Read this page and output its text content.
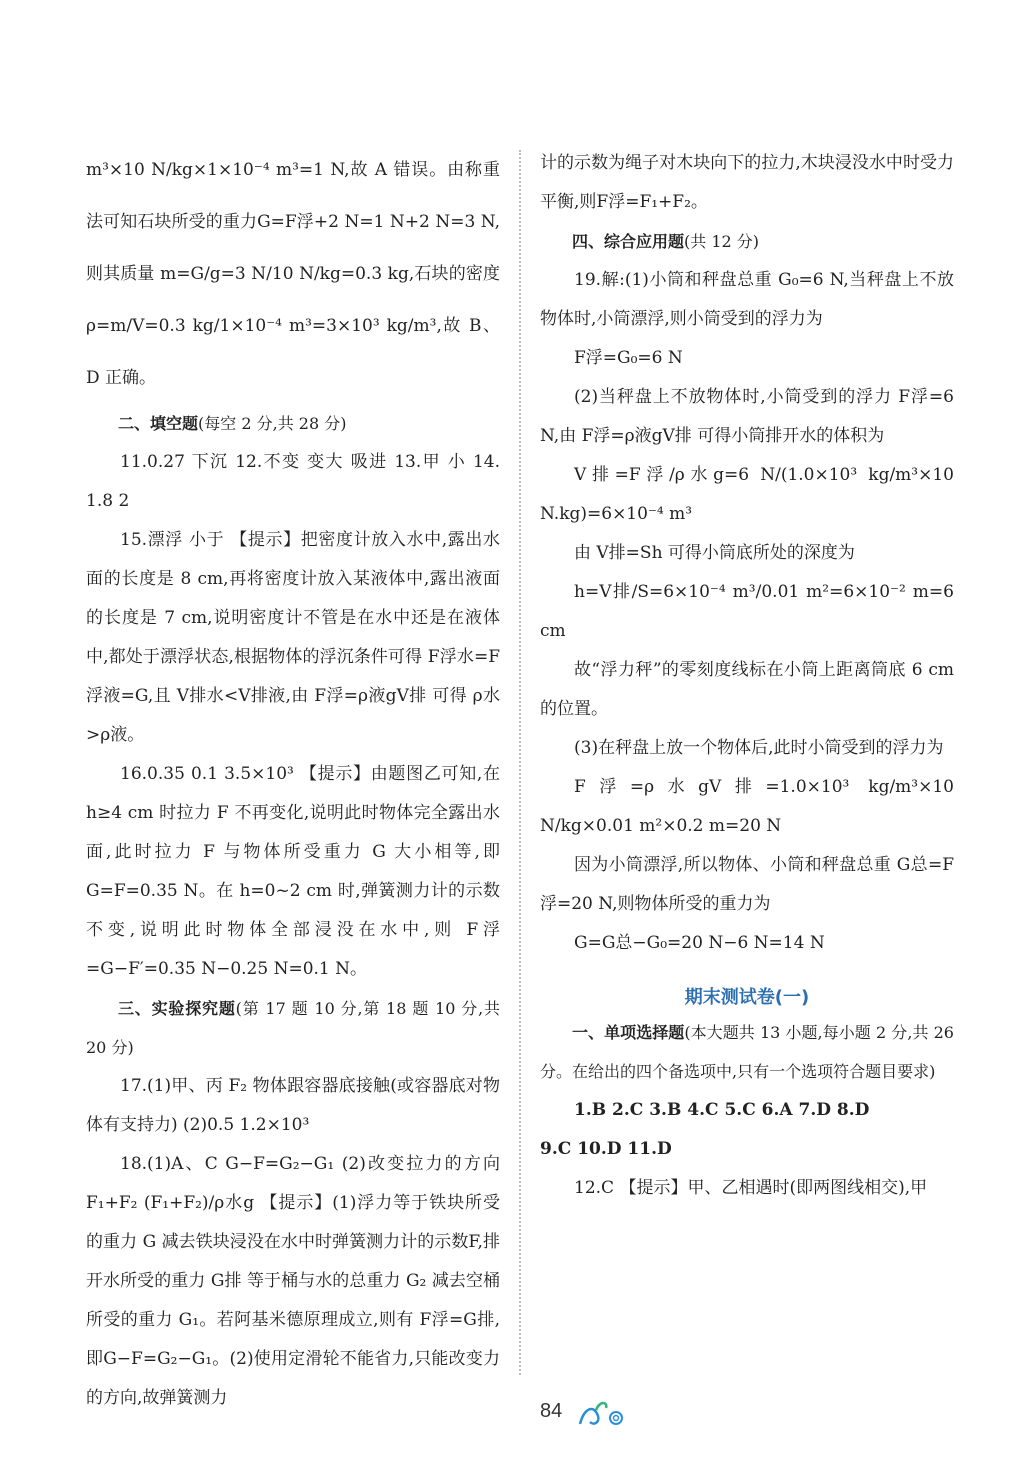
m³×10 N/kg×1×10⁻⁴ m³=1 N,故 A 错误。由称重法可知石块所受的重力G=F浮+2 N=1 N+2 N=3 N,则其质量 m=G/g=3 N/10 N/kg=0.3 kg,石块的密度 ρ=m/V=0.3 kg/1×10⁻⁴ m³=3×10³ kg/m³,故 B、D 正确。

二、填空题(每空 2 分,共 28 分)

11.0.27 下沉 12.不变 变大 吸进 13.甲 小 14. 1.8 2

15.漂浮 小于 【提示】把密度计放入水中,露出水面的长度是 8 cm,再将密度计放入某液体中,露出液面的长度是 7 cm,说明密度计不管是在水中还是在液体中,都处于漂浮状态,根据物体的浮沉条件可得 F浮水=F浮液=G,且 V排水<V排液,由 F浮=ρ液gV排 可得 ρ水>ρ液。

16.0.35 0.1 3.5×10³ 【提示】由题图乙可知,在 h≥4 cm 时拉力 F 不再变化,说明此时物体完全露出水面,此时拉力 F 与物体所受重力 G 大小相等,即 G=F=0.35 N。在 h=0~2 cm 时,弹簧测力计的示数不变,说明此时物体全部浸没在水中,则 F浮=G−F′=0.35 N−0.25 N=0.1 N。

三、实验探究题(第 17 题 10 分,第 18 题 10 分,共 20 分)

17.(1)甲、丙 F₂ 物体跟容器底接触(或容器底对物体有支持力) (2)0.5 1.2×10³

18.(1)A、C G−F=G₂−G₁ (2)改变拉力的方向 F₁+F₂ (F₁+F₂)/ρ水g 【提示】(1)浮力等于铁块所受的重力 G 减去铁块浸没在水中时弹簧测力计的示数F,排开水所受的重力 G排 等于桶与水的总重力 G₂ 减去空桶所受的重力 G₁。若阿基米德原理成立,则有 F浮=G排,即G−F=G₂−G₁。(2)使用定滑轮不能省力,只能改变力的方向,故弹簧测力

计的示数为绳子对木块向下的拉力,木块浸没水中时受力平衡,则F浮=F₁+F₂。

四、综合应用题(共 12 分)

19.解:(1)小筒和秤盘总重 G₀=6 N,当秤盘上不放物体时,小筒漂浮,则小筒受到的浮力为

F浮=G₀=6 N

(2)当秤盘上不放物体时,小筒受到的浮力 F浮=6 N,由 F浮=ρ液gV排 可得小筒排开水的体积为

V排=F浮/ρ水g=6 N/(1.0×10³ kg/m³×10 N.kg)=6×10⁻⁴ m³

由 V排=Sh 可得小筒底所处的深度为

h=V排/S=6×10⁻⁴ m³/0.01 m²=6×10⁻² m=6 cm

故“浮力秤”的零刻度线标在小筒上距离筒底 6 cm 的位置。

(3)在秤盘上放一个物体后,此时小筒受到的浮力为

F浮=ρ水gV排=1.0×10³ kg/m³×10 N/kg×0.01 m²×0.2 m=20 N

因为小筒漂浮,所以物体、小筒和秤盘总重 G总=F浮=20 N,则物体所受的重力为

G=G总−G₀=20 N−6 N=14 N

期末测试卷(一)

一、单项选择题(本大题共 13 小题,每小题 2 分,共 26 分。在给出的四个备选项中,只有一个选项符合题目要求)

1.B 2.C 3.B 4.C 5.C 6.A 7.D 8.D

9.C 10.D 11.D

12.C 【提示】甲、乙相遇时(即两图线相交),甲

84
